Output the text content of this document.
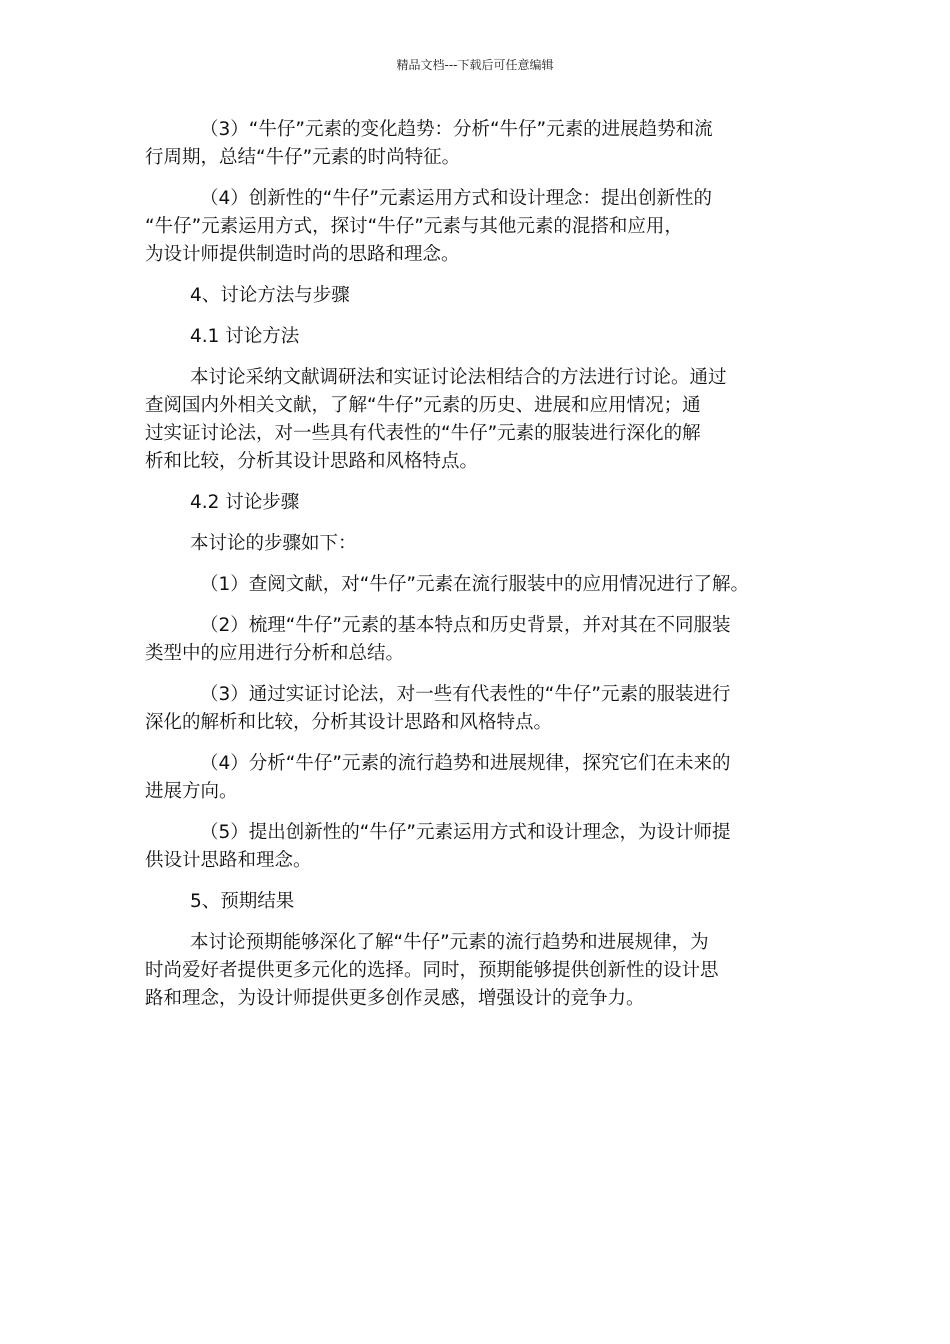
精品文档---下载后可任意编辑
（3）“牛仔”元素的变化趋势：分析“牛仔”元素的进展趋势和流
行周期，总结“牛仔”元素的时尚特征。
（4）创新性的“牛仔”元素运用方式和设计理念：提出创新性的
“牛仔”元素运用方式，探讨“牛仔”元素与其他元素的混搭和应用，
为设计师提供制造时尚的思路和理念。
4、讨论方法与步骤
4.1 讨论方法
本讨论采纳文献调研法和实证讨论法相结合的方法进行讨论。通过
查阅国内外相关文献，了解“牛仔”元素的历史、进展和应用情况；通
过实证讨论法，对一些具有代表性的“牛仔”元素的服装进行深化的解
析和比较，分析其设计思路和风格特点。
4.2 讨论步骤
本讨论的步骤如下：
（1）查阅文献，对“牛仔”元素在流行服装中的应用情况进行了解。
（2）梳理“牛仔”元素的基本特点和历史背景，并对其在不同服装
类型中的应用进行分析和总结。
（3）通过实证讨论法，对一些有代表性的“牛仔”元素的服装进行
深化的解析和比较，分析其设计思路和风格特点。
（4）分析“牛仔”元素的流行趋势和进展规律，探究它们在未来的
进展方向。
（5）提出创新性的“牛仔”元素运用方式和设计理念，为设计师提
供设计思路和理念。
5、预期结果
本讨论预期能够深化了解“牛仔”元素的流行趋势和进展规律，为
时尚爱好者提供更多元化的选择。同时，预期能够提供创新性的设计思
路和理念，为设计师提供更多创作灵感，增强设计的竞争力。
